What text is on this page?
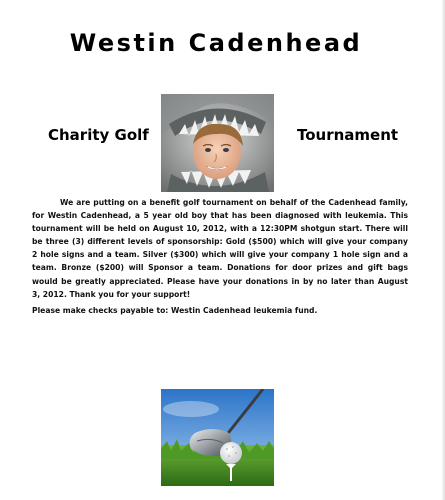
Westin Cadenhead
Charity Golf	Tournament
We are putting on a benefit golf tournament on behalf of the Cadenhead family, for Westin Cadenhead, a 5 year old boy that has been diagnosed with leukemia. This tournament will be held on August 10, 2012, with a 12:30PM shotgun start. There will be three (3) different levels of sponsorship: Gold ($500) which will give your company 2 hole signs and a team. Silver ($300) which will give your company 1 hole sign and a team. Bronze ($200) will Sponsor a team. Donations for door prizes and gift bags would be greatly appreciated. Please have your donations in by no later than August 3, 2012. Thank you for your support!
Please make checks payable to: Westin Cadenhead leukemia fund.
